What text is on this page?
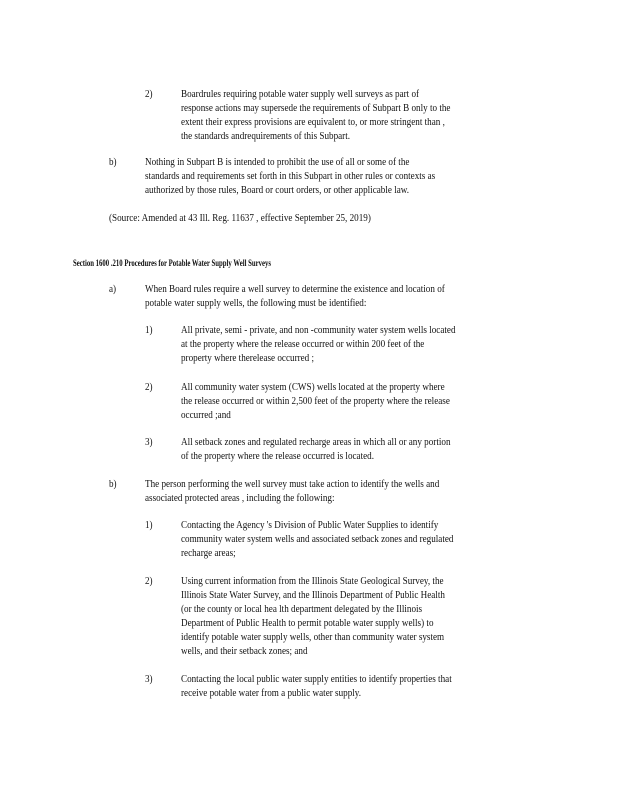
2)	Boardrules requiring potable water supply well surveys as part of
response actions may supersede the requirements of Subpart B only to the
extent their express provisions are equivalent to, or more stringent than ,
the standards andrequirements of this Subpart.
b)	Nothing in Subpart B is intended to prohibit the use of all or some of the
standards and requirements set forth in this Subpart in other rules or contexts as
authorized by those rules, Board or court orders, or other applicable law.
(Source: Amended at 43 Ill. Reg. 11637 , effective September 25, 2019)
Section 1600 .210 Procedures for Potable Water Supply Well Surveys
a)	When Board rules require a well survey to determine the existence and location of
potable water supply wells, the following must be identified:
1)	All private, semi - private, and non -community water system wells located
at the property where the release occurred or within 200 feet of the
property where therelease occurred ;
2)	All community water system (CWS) wells located at the property where
the release occurred or within 2,500 feet of the property where the release
occurred ;and
3)	All setback zones and regulated recharge areas in which all or any portion
of the property where the release occurred is located.
b)	The person performing the well survey must take action to identify the wells and
associated protected areas , including the following:
1)	Contacting the Agency 's Division of Public Water Supplies to identify
community water system wells and associated setback zones and regulated
recharge areas;
2)	Using current information from the Illinois State Geological Survey, the
Illinois State Water Survey, and the Illinois Department of Public Health
(or the county or local hea lth department delegated by the Illinois
Department of Public Health to permit potable water supply wells) to
identify potable water supply wells, other than community water system
wells, and their setback zones; and
3)	Contacting the local public water supply entities to identify properties that
receive potable water from a public water supply.
